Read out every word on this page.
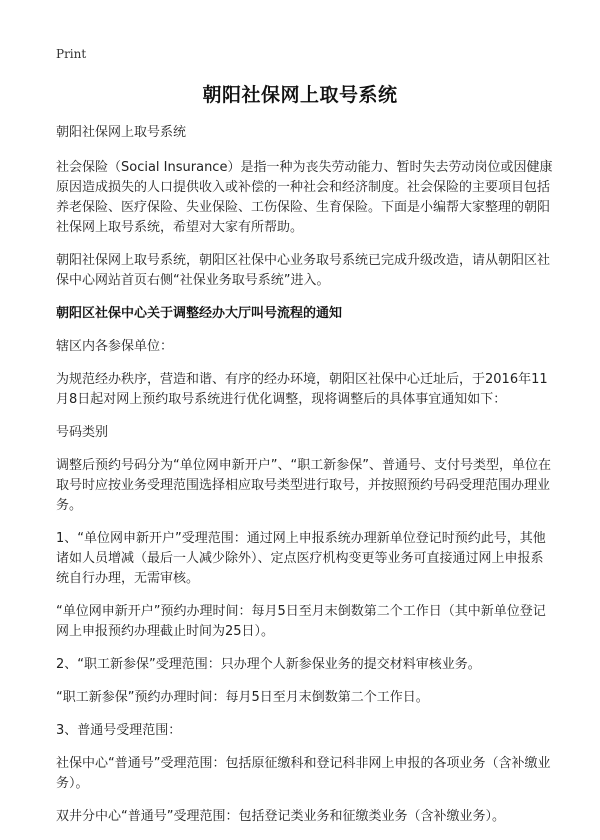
Print
朝阳社保网上取号系统

朝阳社保网上取号系统

社会保险（Social Insurance）是指一种为丧失劳动能力、暂时失去劳动岗位或因健康原因造成损失的人口提供收入或补偿的一种社会和经济制度。社会保险的主要项目包括养老保险、医疗保险、失业保险、工伤保险、生育保险。下面是小编帮大家整理的朝阳社保网上取号系统，希望对大家有所帮助。

朝阳社保网上取号系统，朝阳区社保中心业务取号系统已完成升级改造，请从朝阳区社保中心网站首页右侧“社保业务取号系统”进入。

朝阳区社保中心关于调整经办大厅叫号流程的通知

辖区内各参保单位：

为规范经办秩序，营造和谐、有序的经办环境，朝阳区社保中心迁址后，于2016年11月8日起对网上预约取号系统进行优化调整，现将调整后的具体事宜通知如下：

号码类别

调整后预约号码分为“单位网申新开户”、“职工新参保”、普通号、支付号类型，单位在取号时应按业务受理范围选择相应取号类型进行取号，并按照预约号码受理范围办理业务。

1、“单位网申新开户”受理范围：通过网上申报系统办理新单位登记时预约此号，其他诸如人员增减（最后一人减少除外）、定点医疗机构变更等业务可直接通过网上申报系统自行办理，无需审核。

“单位网申新开户”预约办理时间：每月5日至月末倒数第二个工作日（其中新单位登记网上申报预约办理截止时间为25日）。

2、“职工新参保”受理范围：只办理个人新参保业务的提交材料审核业务。

“职工新参保”预约办理时间：每月5日至月末倒数第二个工作日。

3、普通号受理范围：

社保中心“普通号”受理范围：包括原征缴科和登记科非网上申报的各项业务（含补缴业务）。

双井分中心“普通号”受理范围：包括登记类业务和征缴类业务（含补缴业务）。
